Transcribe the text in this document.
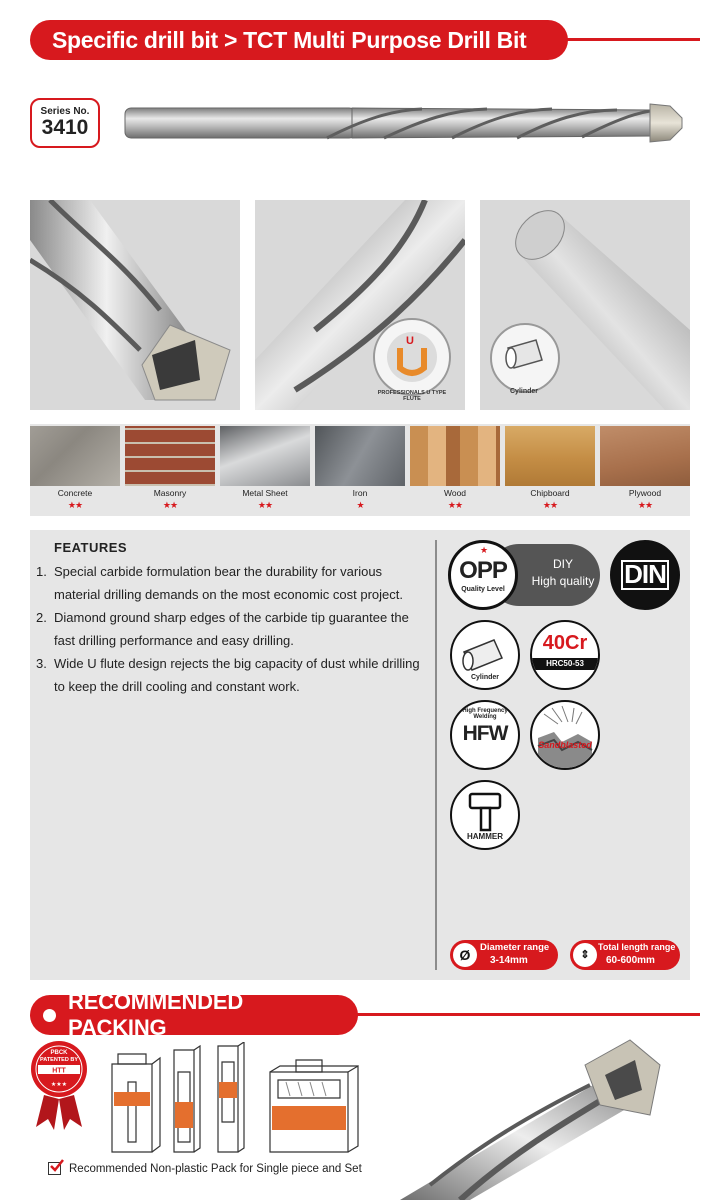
Specific drill bit > TCT Multi Purpose Drill Bit
Series No.
3410
U
PROFESSIONALS U TYPE FLUTE
Cylinder
Concrete
★★
Masonry
★★
Metal Sheet
★★
Iron
★
Wood
★★
Chipboard
★★
Plywood
★★
FEATURES
1. Special carbide formulation bear the durability for various material drilling demands on the most economic cost project.
2. Diamond ground sharp edges of the carbide tip guarantee the fast drilling performance and easy drilling.
3. Wide U flute design rejects the big capacity of dust while drilling to keep the drill cooling and constant work.
★
OPP
Quality Level
DIY
High quality	DIN
Cylinder
40Cr
HRC50-53
High Frequency Welding
HFW	Sandblasted
HAMMER
Ø	Diameter range
3-14mm	⇕
Total length range
60-600mm
RECOMMENDED PACKING
HTT
★★★
PBCK
PATENTED BY
Recommended Non-plastic Pack for Single piece and Set
